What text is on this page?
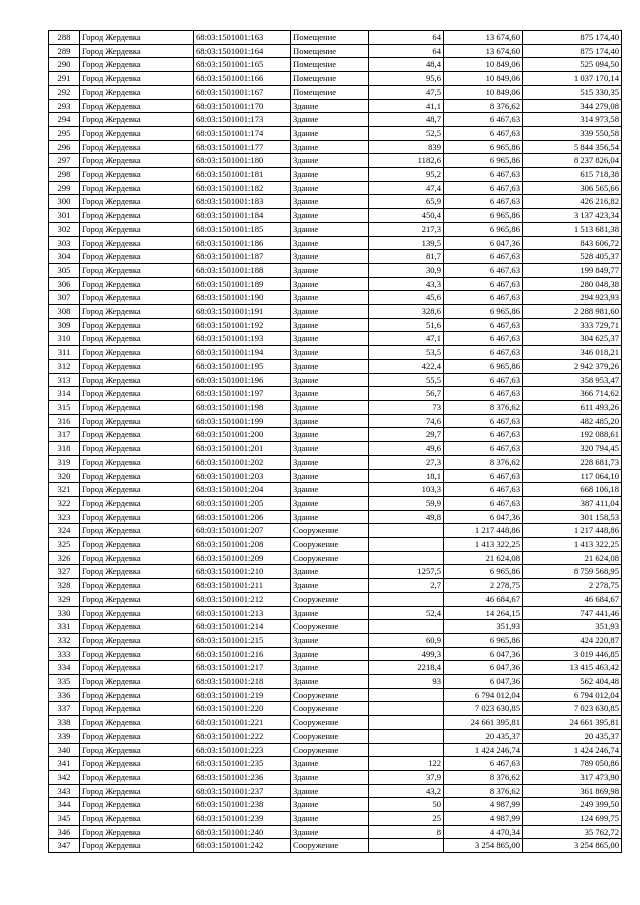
288	Город Жердевка	68:03:1501001:163	Помещение	64	13 674,60	875 174,40
289	Город Жердевка	68:03:1501001:164	Помещение	64	13 674,60	875 174,40
290	Город Жердевка	68:03:1501001:165	Помещение	48,4	10 849,06	525 094,50
291	Город Жердевка	68:03:1501001:166	Помещение	95,6	10 849,06	1 037 170,14
292	Город Жердевка	68:03:1501001:167	Помещение	47,5	10 849,06	515 330,35
293	Город Жердевка	68:03:1501001:170	Здание	41,1	8 376,62	344 279,08
294	Город Жердевка	68:03:1501001:173	Здание	48,7	6 467,63	314 973,58
295	Город Жердевка	68:03:1501001:174	Здание	52,5	6 467,63	339 550,58
296	Город Жердевка	68:03:1501001:177	Здание	839	6 965,86	5 844 356,54
297	Город Жердевка	68:03:1501001:180	Здание	1182,6	6 965,86	8 237 826,04
298	Город Жердевка	68:03:1501001:181	Здание	95,2	6 467,63	615 718,38
299	Город Жердевка	68:03:1501001:182	Здание	47,4	6 467,63	306 565,66
300	Город Жердевка	68:03:1501001:183	Здание	65,9	6 467,63	426 216,82
301	Город Жердевка	68:03:1501001:184	Здание	450,4	6 965,86	3 137 423,34
302	Город Жердевка	68:03:1501001:185	Здание	217,3	6 965,86	1 513 681,38
303	Город Жердевка	68:03:1501001:186	Здание	139,5	6 047,36	843 606,72
304	Город Жердевка	68:03:1501001:187	Здание	81,7	6 467,63	528 405,37
305	Город Жердевка	68:03:1501001:188	Здание	30,9	6 467,63	199 849,77
306	Город Жердевка	68:03:1501001:189	Здание	43,3	6 467,63	280 048,38
307	Город Жердевка	68:03:1501001:190	Здание	45,6	6 467,63	294 923,93
308	Город Жердевка	68:03:1501001:191	Здание	328,6	6 965,86	2 288 981,60
309	Город Жердевка	68:03:1501001:192	Здание	51,6	6 467,63	333 729,71
310	Город Жердевка	68:03:1501001:193	Здание	47,1	6 467,63	304 625,37
311	Город Жердевка	68:03:1501001:194	Здание	53,5	6 467,63	346 018,21
312	Город Жердевка	68:03:1501001:195	Здание	422,4	6 965,86	2 942 379,26
313	Город Жердевка	68:03:1501001:196	Здание	55,5	6 467,63	358 953,47
314	Город Жердевка	68:03:1501001:197	Здание	56,7	6 467,63	366 714,62
315	Город Жердевка	68:03:1501001:198	Здание	73	8 376,62	611 493,26
316	Город Жердевка	68:03:1501001:199	Здание	74,6	6 467,63	482 485,20
317	Город Жердевка	68:03:1501001:200	Здание	29,7	6 467,63	192 088,61
318	Город Жердевка	68:03:1501001:201	Здание	49,6	6 467,63	320 794,45
319	Город Жердевка	68:03:1501001:202	Здание	27,3	8 376,62	228 681,73
320	Город Жердевка	68:03:1501001:203	Здание	18,1	6 467,63	117 064,10
321	Город Жердевка	68:03:1501001:204	Здание	103,3	6 467,63	668 106,18
322	Город Жердевка	68:03:1501001:205	Здание	59,9	6 467,63	387 411,04
323	Город Жердевка	68:03:1501001:206	Здание	49,8	6 047,36	301 158,53
324	Город Жердевка	68:03:1501001:207	Сооружение		1 217 448,86	1 217 448,86
325	Город Жердевка	68:03:1501001:208	Сооружение		1 413 322,25	1 413 322,25
326	Город Жердевка	68:03:1501001:209	Сооружение		21 624,08	21 624,08
327	Город Жердевка	68:03:1501001:210	Здание	1257,5	6 965,86	8 759 568,95
328	Город Жердевка	68:03:1501001:211	Здание	2,7	2 278,75	2 278,75
329	Город Жердевка	68:03:1501001:212	Сооружение		46 684,67	46 684,67
330	Город Жердевка	68:03:1501001:213	Здание	52,4	14 264,15	747 441,46
331	Город Жердевка	68:03:1501001:214	Сооружение		351,93	351,93
332	Город Жердевка	68:03:1501001:215	Здание	60,9	6 965,86	424 220,87
333	Город Жердевка	68:03:1501001:216	Здание	499,3	6 047,36	3 019 446,85
334	Город Жердевка	68:03:1501001:217	Здание	2218,4	6 047,36	13 415 463,42
335	Город Жердевка	68:03:1501001:218	Здание	93	6 047,36	562 404,48
336	Город Жердевка	68:03:1501001:219	Сооружение		6 794 012,04	6 794 012,04
337	Город Жердевка	68:03:1501001:220	Сооружение		7 023 630,85	7 023 630,85
338	Город Жердевка	68:03:1501001:221	Сооружение		24 661 395,81	24 661 395,81
339	Город Жердевка	68:03:1501001:222	Сооружение		20 435,37	20 435,37
340	Город Жердевка	68:03:1501001:223	Сооружение		1 424 246,74	1 424 246,74
341	Город Жердевка	68:03:1501001:235	Здание	122	6 467,63	789 050,86
342	Город Жердевка	68:03:1501001:236	Здание	37,9	8 376,62	317 473,90
343	Город Жердевка	68:03:1501001:237	Здание	43,2	8 376,62	361 869,98
344	Город Жердевка	68:03:1501001:238	Здание	50	4 987,99	249 399,50
345	Город Жердевка	68:03:1501001:239	Здание	25	4 987,99	124 699,75
346	Город Жердевка	68:03:1501001:240	Здание	8	4 470,34	35 762,72
347	Город Жердевка	68:03:1501001:242	Сооружение		3 254 865,00	3 254 865,00
